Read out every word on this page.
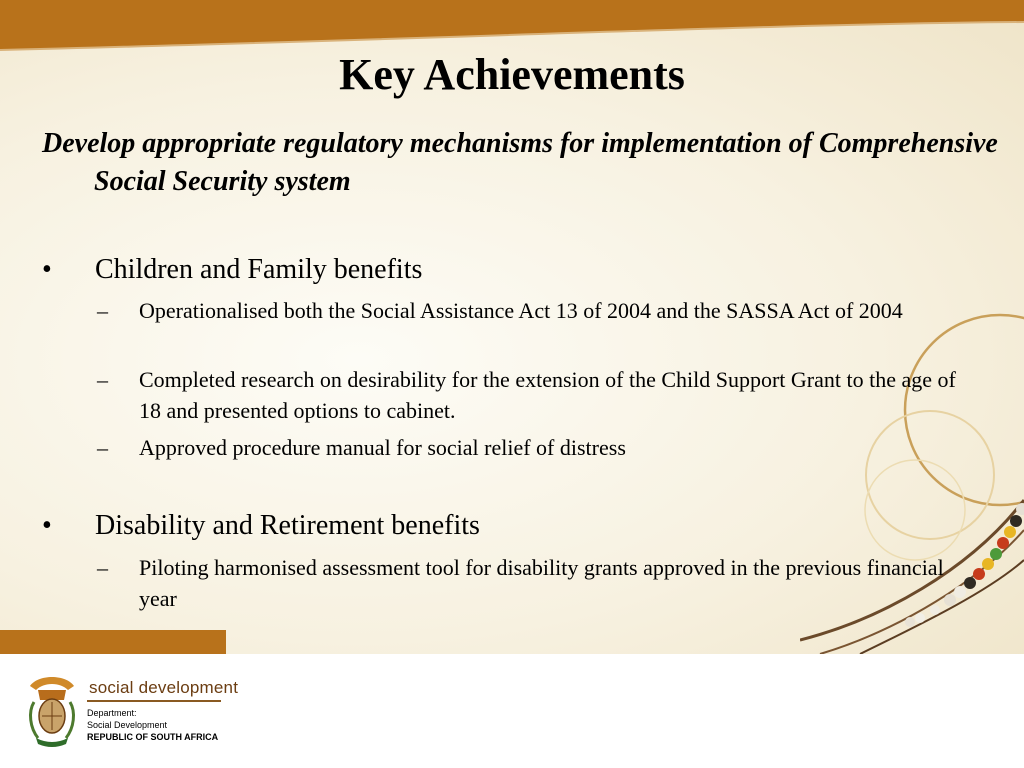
Key Achievements

Develop appropriate regulatory mechanisms for implementation of Comprehensive Social Security system

• Children and Family benefits
– Operationalised both the Social Assistance Act 13 of 2004 and the SASSA Act of 2004
– Completed research on desirability for the extension of the Child Support Grant to the age of 18 and presented options to cabinet.
– Approved procedure manual for social relief of distress
• Disability and Retirement benefits
– Piloting harmonised assessment tool for disability grants approved in the previous financial year
social development
Department:
Social Development
REPUBLIC OF SOUTH AFRICA
